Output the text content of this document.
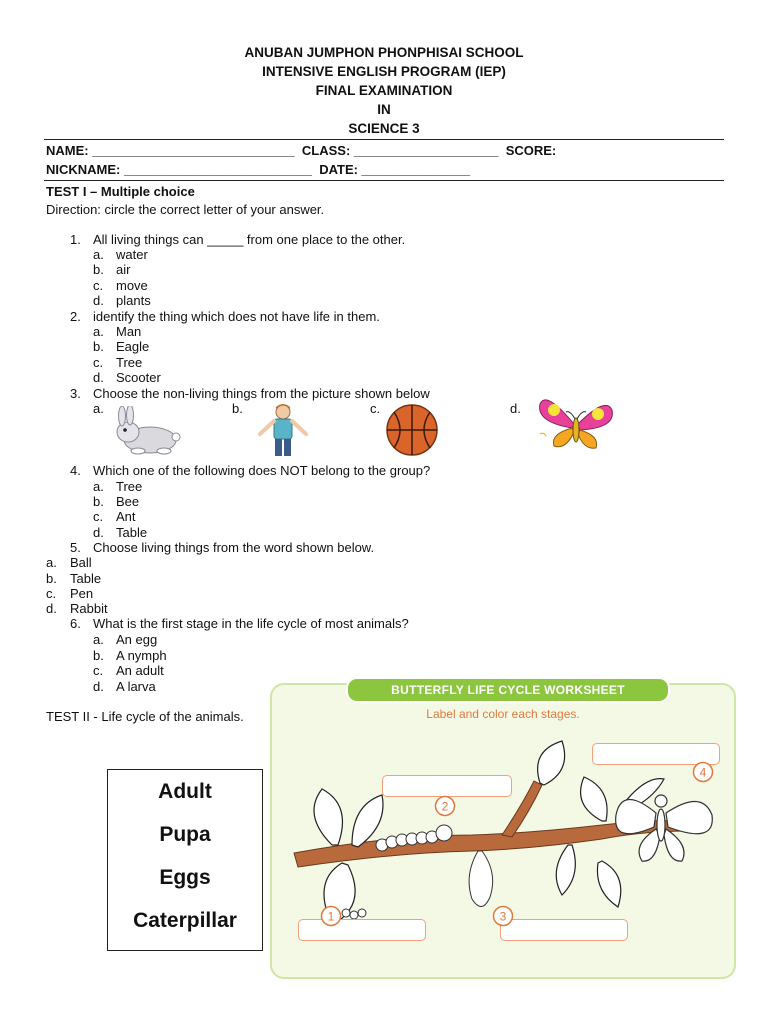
ANUBAN JUMPHON PHONPHISAI SCHOOL
INTENSIVE ENGLISH PROGRAM (IEP)
FINAL EXAMINATION
IN
SCIENCE 3
NAME: ____________________________  CLASS: ____________________  SCORE:
NICKNAME: __________________________  DATE: _______________
TEST I – Multiple choice
Direction: circle the correct letter of your answer.
1. All living things can _____ from one place to the other.
a. water
b. air
c. move
d. plants
2. identify the thing which does not have life in them.
a. Man
b. Eagle
c. Tree
d. Scooter
3. Choose the non-living things from the picture shown below
a.	b.	c.	d.
4. Which one of the following does NOT belong to the group?
a. Tree
b. Bee
c. Ant
d. Table
5. Choose living things from the word shown below.
a. Ball
b. Table
c. Pen
d. Rabbit
6. What is the first stage in the life cycle of most animals?
a. An egg
b. A nymph
c. An adult
d. A larva
TEST II - Life cycle of the animals.
Adult
Pupa
Eggs
Caterpillar
BUTTERFLY LIFE CYCLE WORKSHEET
Label and color each stages.
1
2
3
4
